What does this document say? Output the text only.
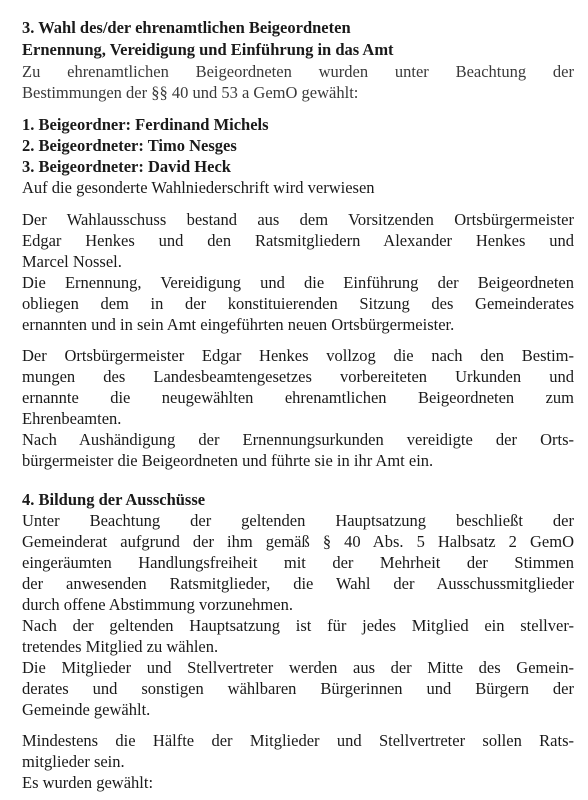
3. Wahl des/der ehrenamtlichen Beigeordneten
Ernennung, Vereidigung und Einführung in das Amt
Zu ehrenamtlichen Beigeordneten wurden unter Beachtung der
Bestimmungen der §§ 40 und 53 a GemO gewählt:
1. Beigeordner: Ferdinand Michels
2. Beigeordneter: Timo Nesges
3. Beigeordneter: David Heck
Auf die gesonderte Wahlniederschrift wird verwiesen
Der Wahlausschuss bestand aus dem Vorsitzenden Ortsbürgermeister
Edgar Henkes und den Ratsmitgliedern Alexander Henkes und
Marcel Nossel.
Die Ernennung, Vereidigung und die Einführung der Beigeordneten
obliegen dem in der konstituierenden Sitzung des Gemeinderates
ernannten und in sein Amt eingeführten neuen Ortsbürgermeister.
Der Ortsbürgermeister Edgar Henkes vollzog die nach den Bestim-
mungen des Landesbeamtengesetzes vorbereiteten Urkunden und
ernannte die neugewählten ehrenamtlichen Beigeordneten zum
Ehrenbeamten.
Nach Aushändigung der Ernennungsurkunden vereidigte der Orts-
bürgermeister die Beigeordneten und führte sie in ihr Amt ein.
4. Bildung der Ausschüsse
Unter Beachtung der geltenden Hauptsatzung beschließt der
Gemeinderat aufgrund der ihm gemäß § 40 Abs. 5 Halbsatz 2 GemO
eingeräumten Handlungsfreiheit mit der Mehrheit der Stimmen
der anwesenden Ratsmitglieder, die Wahl der Ausschussmitglieder
durch offene Abstimmung vorzunehmen.
Nach der geltenden Hauptsatzung ist für jedes Mitglied ein stellver-
tretendes Mitglied zu wählen.
Die Mitglieder und Stellvertreter werden aus der Mitte des Gemein-
derates und sonstigen wählbaren Bürgerinnen und Bürgern der
Gemeinde gewählt.
Mindestens die Hälfte der Mitglieder und Stellvertreter sollen Rats-
mitglieder sein.
Es wurden gewählt:
